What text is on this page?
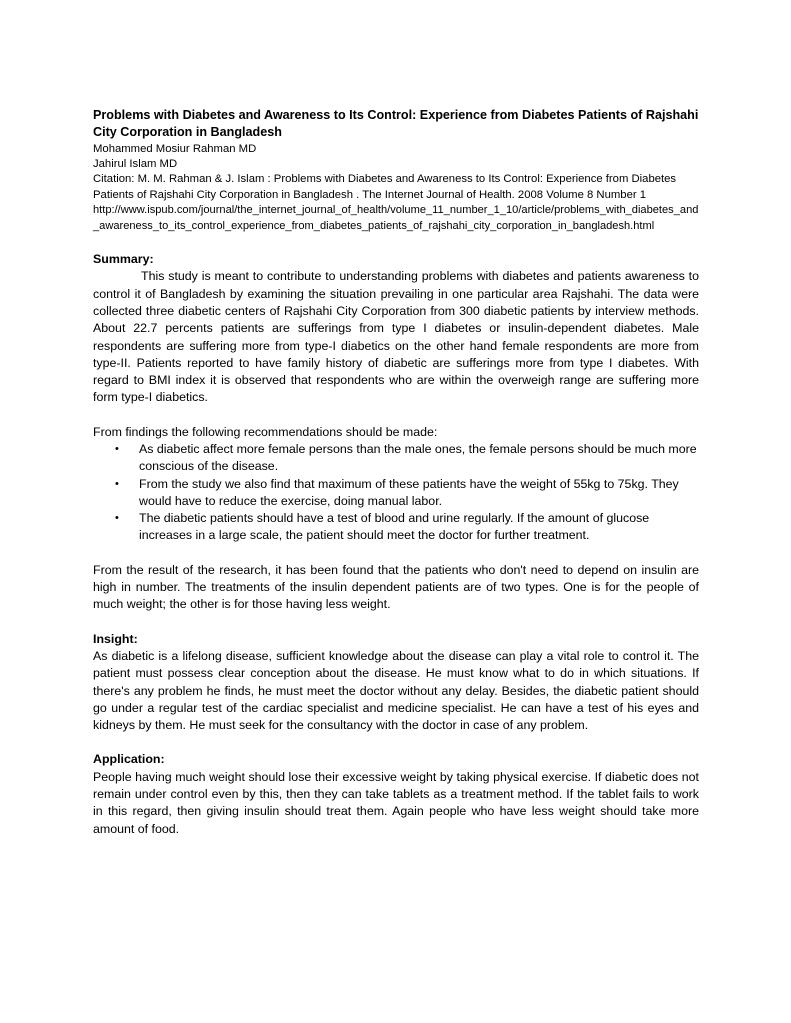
Problems with Diabetes and Awareness to Its Control: Experience from Diabetes Patients of Rajshahi City Corporation in Bangladesh

Mohammed Mosiur Rahman MD

Jahirul Islam MD

Citation: M. M. Rahman & J. Islam : Problems with Diabetes and Awareness to Its Control: Experience from Diabetes Patients of Rajshahi City Corporation in Bangladesh . The Internet Journal of Health. 2008 Volume 8 Number 1

http://www.ispub.com/journal/the_internet_journal_of_health/volume_11_number_1_10/article/problems_with_diabetes_and_awareness_to_its_control_experience_from_diabetes_patients_of_rajshahi_city_corporation_in_bangladesh.html

Summary:

This study is meant to contribute to understanding problems with diabetes and patients awareness to control it of Bangladesh by examining the situation prevailing in one particular area Rajshahi. The data were collected three diabetic centers of Rajshahi City Corporation from 300 diabetic patients by interview methods. About 22.7 percents patients are sufferings from type I diabetes or insulin-dependent diabetes. Male respondents are suffering more from type-I diabetics on the other hand female respondents are more from type-II. Patients reported to have family history of diabetic are sufferings more from type I diabetes. With regard to BMI index it is observed that respondents who are within the overweigh range are suffering more form type-I diabetics.

From findings the following recommendations should be made:

• As diabetic affect more female persons than the male ones, the female persons should be much more conscious of the disease.
• From the study we also find that maximum of these patients have the weight of 55kg to 75kg. They would have to reduce the exercise, doing manual labor.
• The diabetic patients should have a test of blood and urine regularly. If the amount of glucose increases in a large scale, the patient should meet the doctor for further treatment.

From the result of the research, it has been found that the patients who don't need to depend on insulin are high in number. The treatments of the insulin dependent patients are of two types. One is for the people of much weight; the other is for those having less weight.

Insight:

As diabetic is a lifelong disease, sufficient knowledge about the disease can play a vital role to control it. The patient must possess clear conception about the disease. He must know what to do in which situations. If there's any problem he finds, he must meet the doctor without any delay. Besides, the diabetic patient should go under a regular test of the cardiac specialist and medicine specialist. He can have a test of his eyes and kidneys by them. He must seek for the consultancy with the doctor in case of any problem.

Application:

People having much weight should lose their excessive weight by taking physical exercise. If diabetic does not remain under control even by this, then they can take tablets as a treatment method. If the tablet fails to work in this regard, then giving insulin should treat them. Again people who have less weight should take more amount of food.
